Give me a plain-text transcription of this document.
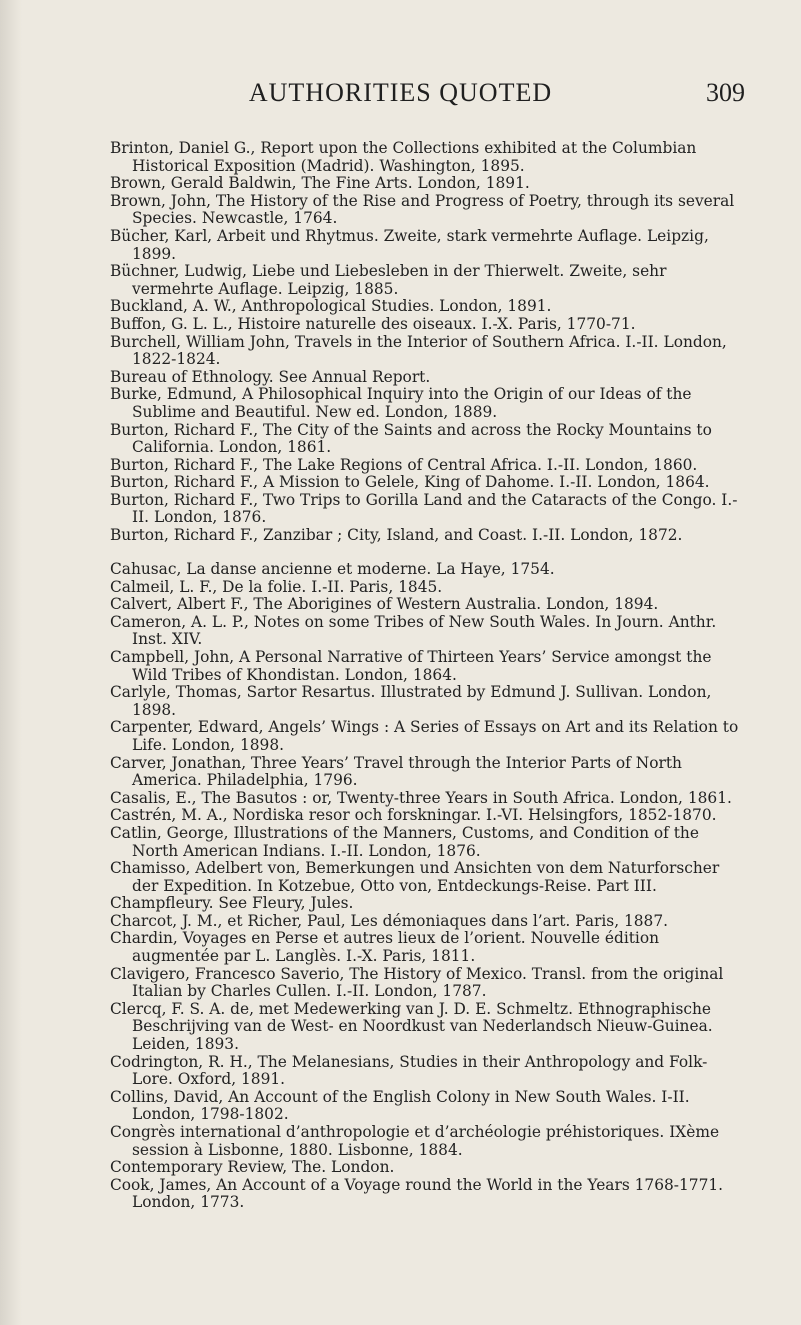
AUTHORITIES QUOTED	309

Brinton, Daniel G., Report upon the Collections exhibited at the Columbian Historical Exposition (Madrid). Washington, 1895.

Brown, Gerald Baldwin, The Fine Arts. London, 1891.

Brown, John, The History of the Rise and Progress of Poetry, through its several Species. Newcastle, 1764.

Bücher, Karl, Arbeit und Rhytmus. Zweite, stark vermehrte Auflage. Leipzig, 1899.

Büchner, Ludwig, Liebe und Liebesleben in der Thierwelt. Zweite, sehr vermehrte Auflage. Leipzig, 1885.

Buckland, A. W., Anthropological Studies. London, 1891.

Buffon, G. L. L., Histoire naturelle des oiseaux. I.-X. Paris, 1770-71.

Burchell, William John, Travels in the Interior of Southern Africa. I.-II. London, 1822-1824.

Bureau of Ethnology. See Annual Report.

Burke, Edmund, A Philosophical Inquiry into the Origin of our Ideas of the Sublime and Beautiful. New ed. London, 1889.

Burton, Richard F., The City of the Saints and across the Rocky Mountains to California. London, 1861.

Burton, Richard F., The Lake Regions of Central Africa. I.-II. London, 1860.

Burton, Richard F., A Mission to Gelele, King of Dahome. I.-II. London, 1864.

Burton, Richard F., Two Trips to Gorilla Land and the Cataracts of the Congo. I.-II. London, 1876.

Burton, Richard F., Zanzibar ; City, Island, and Coast. I.-II. London, 1872.

Cahusac, La danse ancienne et moderne. La Haye, 1754.

Calmeil, L. F., De la folie. I.-II. Paris, 1845.

Calvert, Albert F., The Aborigines of Western Australia. London, 1894.

Cameron, A. L. P., Notes on some Tribes of New South Wales. In Journ. Anthr. Inst. XIV.

Campbell, John, A Personal Narrative of Thirteen Years’ Service amongst the Wild Tribes of Khondistan. London, 1864.

Carlyle, Thomas, Sartor Resartus. Illustrated by Edmund J. Sullivan. London, 1898.

Carpenter, Edward, Angels’ Wings : A Series of Essays on Art and its Relation to Life. London, 1898.

Carver, Jonathan, Three Years’ Travel through the Interior Parts of North America. Philadelphia, 1796.

Casalis, E., The Basutos : or, Twenty-three Years in South Africa. London, 1861.

Castrén, M. A., Nordiska resor och forskningar. I.-VI. Helsingfors, 1852-1870.

Catlin, George, Illustrations of the Manners, Customs, and Condition of the North American Indians. I.-II. London, 1876.

Chamisso, Adelbert von, Bemerkungen und Ansichten von dem Naturforscher der Expedition. In Kotzebue, Otto von, Entdeckungs-Reise. Part III.

Champfleury. See Fleury, Jules.

Charcot, J. M., et Richer, Paul, Les démoniaques dans l’art. Paris, 1887.

Chardin, Voyages en Perse et autres lieux de l’orient. Nouvelle édition augmentée par L. Langlès. I.-X. Paris, 1811.

Clavigero, Francesco Saverio, The History of Mexico. Transl. from the original Italian by Charles Cullen. I.-II. London, 1787.

Clercq, F. S. A. de, met Medewerking van J. D. E. Schmeltz. Ethnographische Beschrijving van de West- en Noordkust van Nederlandsch Nieuw-Guinea. Leiden, 1893.

Codrington, R. H., The Melanesians, Studies in their Anthropology and Folk-Lore. Oxford, 1891.

Collins, David, An Account of the English Colony in New South Wales. I-II. London, 1798-1802.

Congrès international d’anthropologie et d’archéologie préhistoriques. IXème session à Lisbonne, 1880. Lisbonne, 1884.

Contemporary Review, The. London.

Cook, James, An Account of a Voyage round the World in the Years 1768-1771. London, 1773.
